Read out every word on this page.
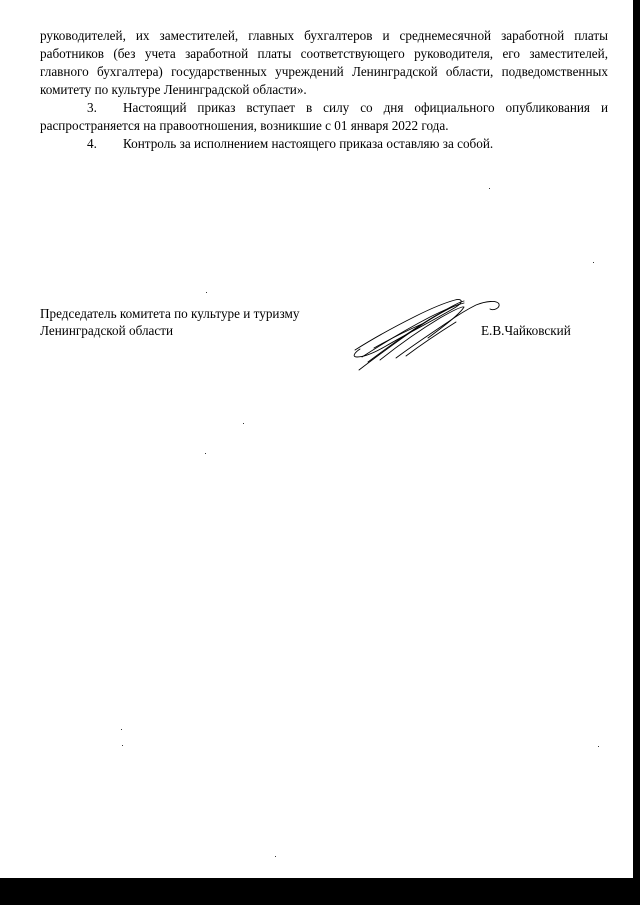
руководителей, их заместителей, главных бухгалтеров и среднемесячной заработной платы работников (без учета заработной платы соответствующего руководителя, его заместителей, главного бухгалтера) государственных учреждений Ленинградской области, подведомственных комитету по культуре Ленинградской области».

3. Настоящий приказ вступает в силу со дня официального опубликования и распространяется на правоотношения, возникшие с 01 января 2022 года.

4. Контроль за исполнением настоящего приказа оставляю за собой.

Председатель комитета по культуре и туризму
Ленинградской области	Е.В.Чайковский
